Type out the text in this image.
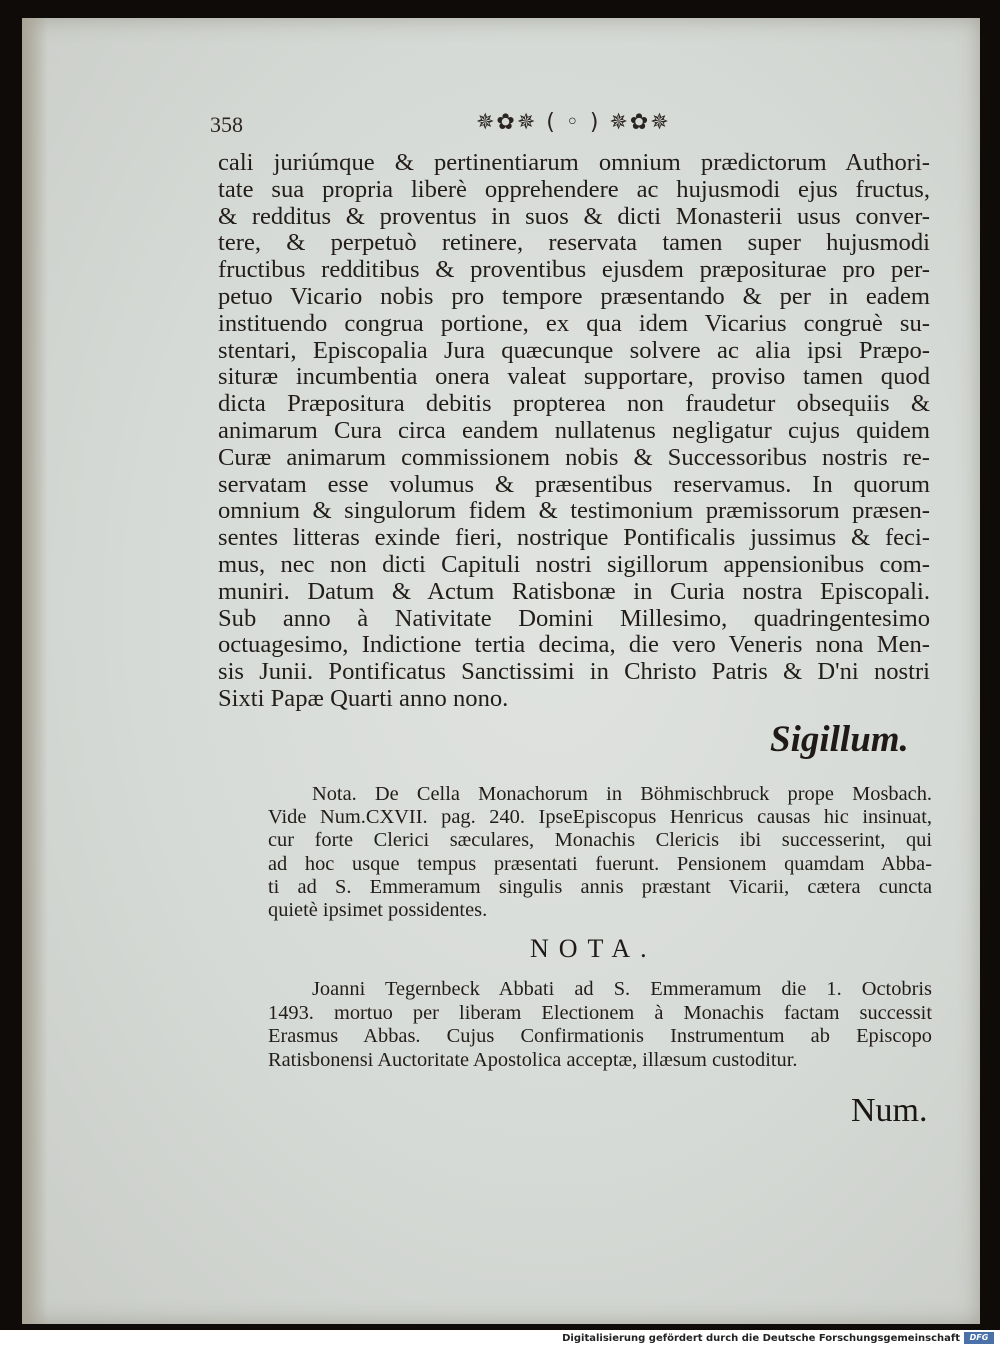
358	✵✿✵ ( ◦ ) ✵✿✵
cali juriúmque & pertinentiarum omnium prædictorum Authori-
tate sua propria liberè opprehendere ac hujusmodi ejus fructus,
& redditus & proventus in suos & dicti Monasterii usus conver-
tere, & perpetuò retinere, reservata tamen super hujusmodi
fructibus redditibus & proventibus ejusdem præpositurae pro per-
petuo Vicario nobis pro tempore præsentando & per in eadem
instituendo congrua portione, ex qua idem Vicarius congruè su-
stentari, Episcopalia Jura quæcunque solvere ac alia ipsi Præpo-
situræ incumbentia onera valeat supportare, proviso tamen quod
dicta Præpositura debitis propterea non fraudetur obsequiis &
animarum Cura circa eandem nullatenus negligatur cujus quidem
Curæ animarum commissionem nobis & Successoribus nostris re-
servatam esse volumus & præsentibus reservamus. In quorum
omnium & singulorum fidem & testimonium præmissorum præsen-
sentes litteras exinde fieri, nostrique Pontificalis jussimus & feci-
mus, nec non dicti Capituli nostri sigillorum appensionibus com-
muniri. Datum & Actum Ratisbonæ in Curia nostra Episcopali.
Sub anno à Nativitate Domini Millesimo, quadringentesimo
octuagesimo, Indictione tertia decima, die vero Veneris nona Men-
sis Junii. Pontificatus Sanctissimi in Christo Patris & D'ni nostri
Sixti Papæ Quarti anno nono.
Sigillum.
Nota. De Cella Monachorum in Böhmischbruck prope Mosbach.
Vide Num.CXVII. pag. 240. IpseEpiscopus Henricus causas hic insinuat,
cur forte Clerici sæculares, Monachis Clericis ibi successerint, qui
ad hoc usque tempus præsentati fuerunt. Pensionem quamdam Abba-
ti ad S. Emmeramum singulis annis præstant Vicarii, cætera cuncta
quietè ipsimet possidentes.
NOTA.
Joanni Tegernbeck Abbati ad S. Emmeramum die 1. Octobris
1493. mortuo per liberam Electionem à Monachis factam successit
Erasmus Abbas. Cujus Confirmationis Instrumentum ab Episcopo
Ratisbonensi Auctoritate Apostolica acceptæ, illæsum custoditur.
Num.
Digitalisierung gefördert durch die Deutsche Forschungsgemeinschaft	DFG
